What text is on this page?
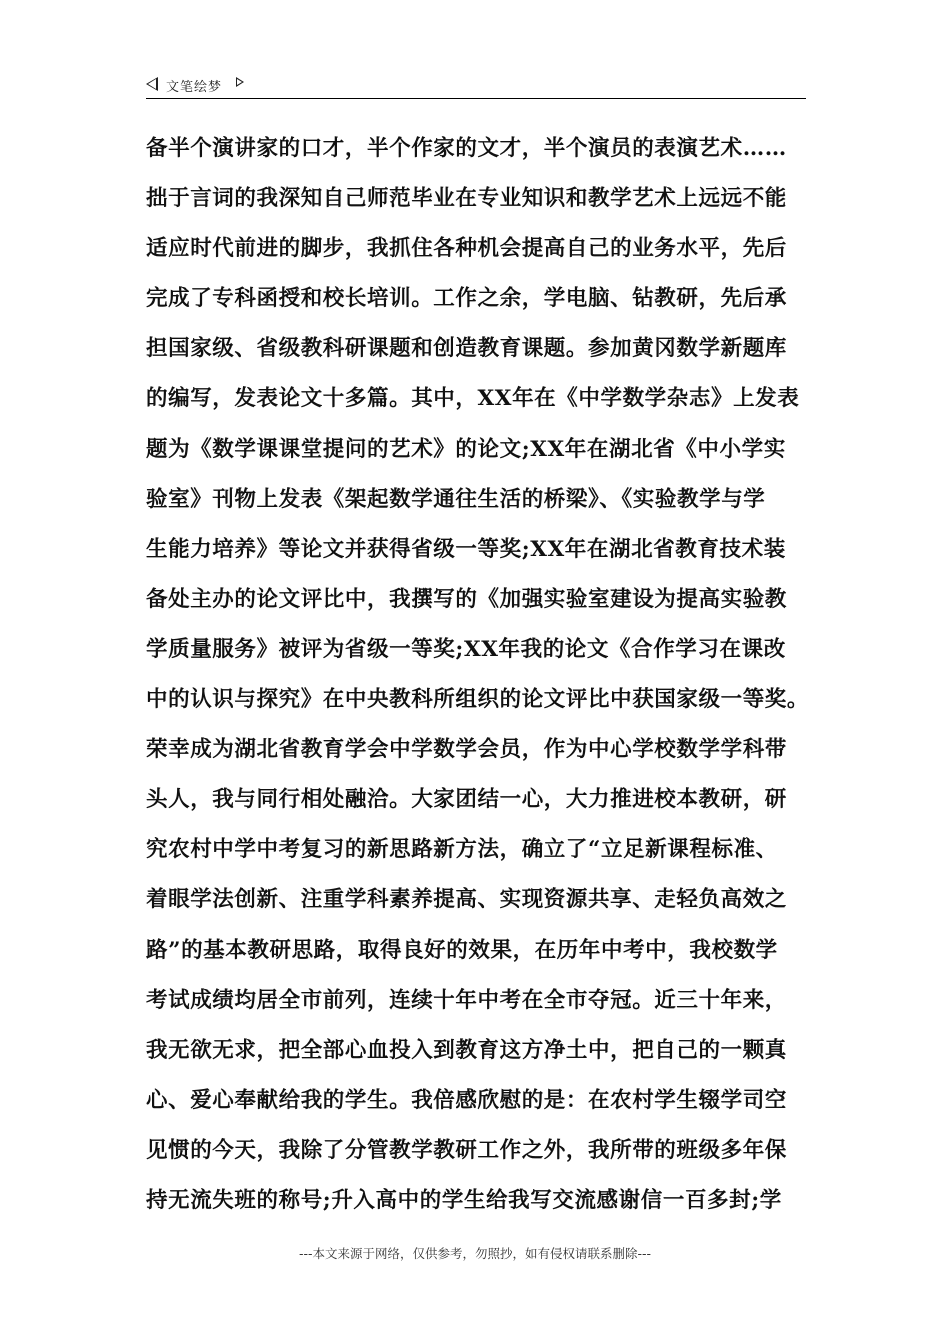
文笔绘梦
备半个演讲家的口才，半个作家的文才，半个演员的表演艺术……
拙于言词的我深知自己师范毕业在专业知识和教学艺术上远远不能
适应时代前进的脚步，我抓住各种机会提高自己的业务水平，先后
完成了专科函授和校长培训。工作之余，学电脑、钻教研，先后承
担国家级、省级教科研课题和创造教育课题。参加黄冈数学新题库
的编写，发表论文十多篇。其中，XX年在《中学数学杂志》上发表
题为《数学课课堂提问的艺术》的论文;XX年在湖北省《中小学实
验室》刊物上发表《架起数学通往生活的桥梁》、《实验教学与学
生能力培养》等论文并获得省级一等奖;XX年在湖北省教育技术装
备处主办的论文评比中，我撰写的《加强实验室建设为提高实验教
学质量服务》被评为省级一等奖;XX年我的论文《合作学习在课改
中的认识与探究》在中央教科所组织的论文评比中获国家级一等奖。
荣幸成为湖北省教育学会中学数学会员，作为中心学校数学学科带
头人，我与同行相处融洽。大家团结一心，大力推进校本教研，研
究农村中学中考复习的新思路新方法，确立了“立足新课程标准、
着眼学法创新、注重学科素养提高、实现资源共享、走轻负高效之
路”的基本教研思路，取得良好的效果，在历年中考中，我校数学
考试成绩均居全市前列，连续十年中考在全市夺冠。近三十年来，
我无欲无求，把全部心血投入到教育这方净土中，把自己的一颗真
心、爱心奉献给我的学生。我倍感欣慰的是：在农村学生辍学司空
见惯的今天，我除了分管教学教研工作之外，我所带的班级多年保
持无流失班的称号;升入高中的学生给我写交流感谢信一百多封;学
---本文来源于网络，仅供参考，勿照抄，如有侵权请联系删除---
